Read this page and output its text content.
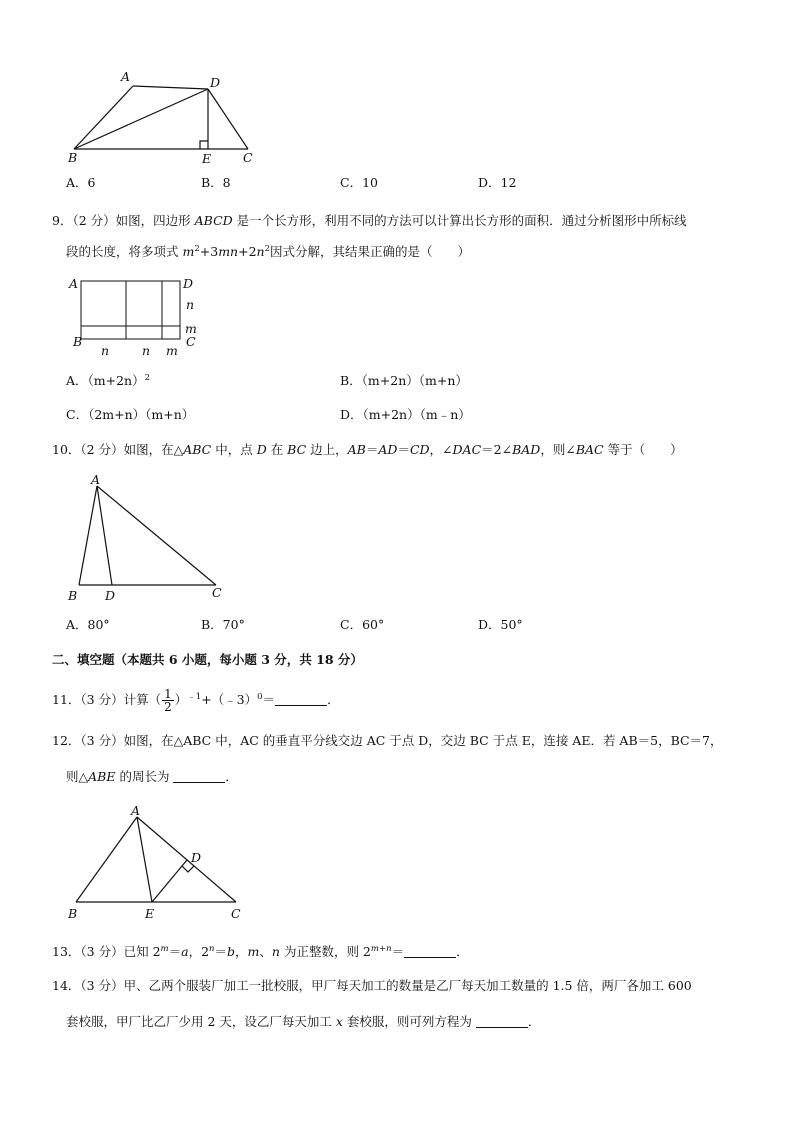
A	D
B	E	C
A．6	B．8	C．10	D．12
9．（2 分）如图，四边形 ABCD 是一个长方形，利用不同的方法可以计算出长方形的面积．通过分析图形中所标线
段的长度，将多项式 $m^2+3mn+2n^2$因式分解，其结果正确的是（　　）
A	D
n
m
B	C
n	n m
A．$(m+2n)^2$	B．（m+2n）（m+n）
C．（2m+n）（m+n）	D．（m+2n）（m﹣n）
10．（2 分）如图，在△ABC 中，点 D 在 BC 边上，AB＝AD＝CD，∠DAC＝2∠BAD，则∠BAC 等于（　　）
A
B D	C
A．80°	B．70°	C．60°	D．50°
二、填空题（本题共 6 小题，每小题 3 分，共 18 分）
11．（3 分）计算（ $\frac{1}{2}$ ）$^{﹣1}$+（﹣3）$^0$＝	．
12．（3 分）如图，在△ABC 中，AC 的垂直平分线交边 AC 于点 D，交边 BC 于点 E，连接 AE．若 AB＝5，BC＝7，
则△ABE 的周长为	．
A
D
B	E	C
13．（3 分）已知 $2^m=a$，$2^n=b$，m、n 为正整数，则 $2^{m+n}=$	．
14．（3 分）甲、乙两个服装厂加工一批校服，甲厂每天加工的数量是乙厂每天加工数量的 1.5 倍，两厂各加工 600
套校服，甲厂比乙厂少用 2 天，设乙厂每天加工 x 套校服，则可列方程为	．
